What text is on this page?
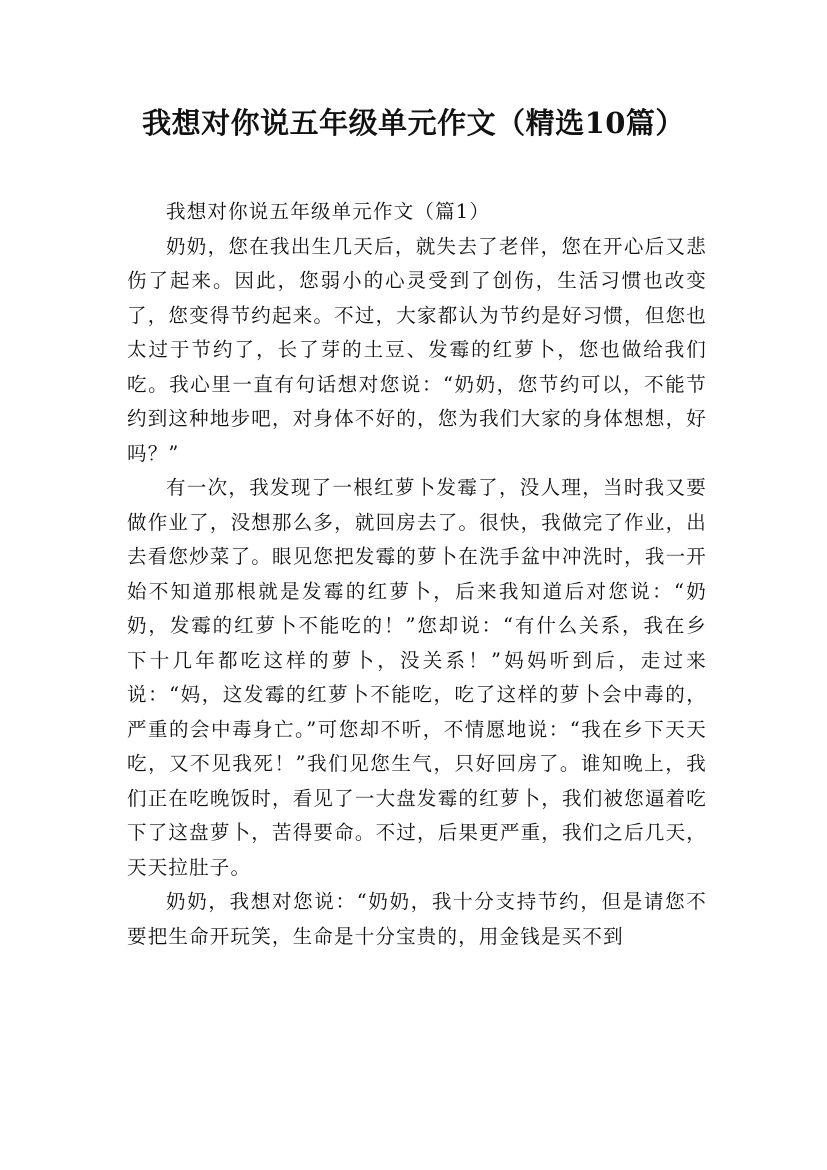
我想对你说五年级单元作文（精选10篇）

我想对你说五年级单元作文（篇1）

奶奶，您在我出生几天后，就失去了老伴，您在开心后又悲伤了起来。因此，您弱小的心灵受到了创伤，生活习惯也改变了，您变得节约起来。不过，大家都认为节约是好习惯，但您也太过于节约了，长了芽的土豆、发霉的红萝卜，您也做给我们吃。我心里一直有句话想对您说：“奶奶，您节约可以，不能节约到这种地步吧，对身体不好的，您为我们大家的身体想想，好吗？”

有一次，我发现了一根红萝卜发霉了，没人理，当时我又要做作业了，没想那么多，就回房去了。很快，我做完了作业，出去看您炒菜了。眼见您把发霉的萝卜在洗手盆中冲洗时，我一开始不知道那根就是发霉的红萝卜，后来我知道后对您说：“奶奶，发霉的红萝卜不能吃的！”您却说：“有什么关系，我在乡下十几年都吃这样的萝卜，没关系！”妈妈听到后，走过来说：“妈，这发霉的红萝卜不能吃，吃了这样的萝卜会中毒的，严重的会中毒身亡。”可您却不听，不情愿地说：“我在乡下天天吃，又不见我死！”我们见您生气，只好回房了。谁知晚上，我们正在吃晚饭时，看见了一大盘发霉的红萝卜，我们被您逼着吃下了这盘萝卜，苦得要命。不过，后果更严重，我们之后几天，天天拉肚子。

奶奶，我想对您说：“奶奶，我十分支持节约，但是请您不要把生命开玩笑，生命是十分宝贵的，用金钱是买不到
